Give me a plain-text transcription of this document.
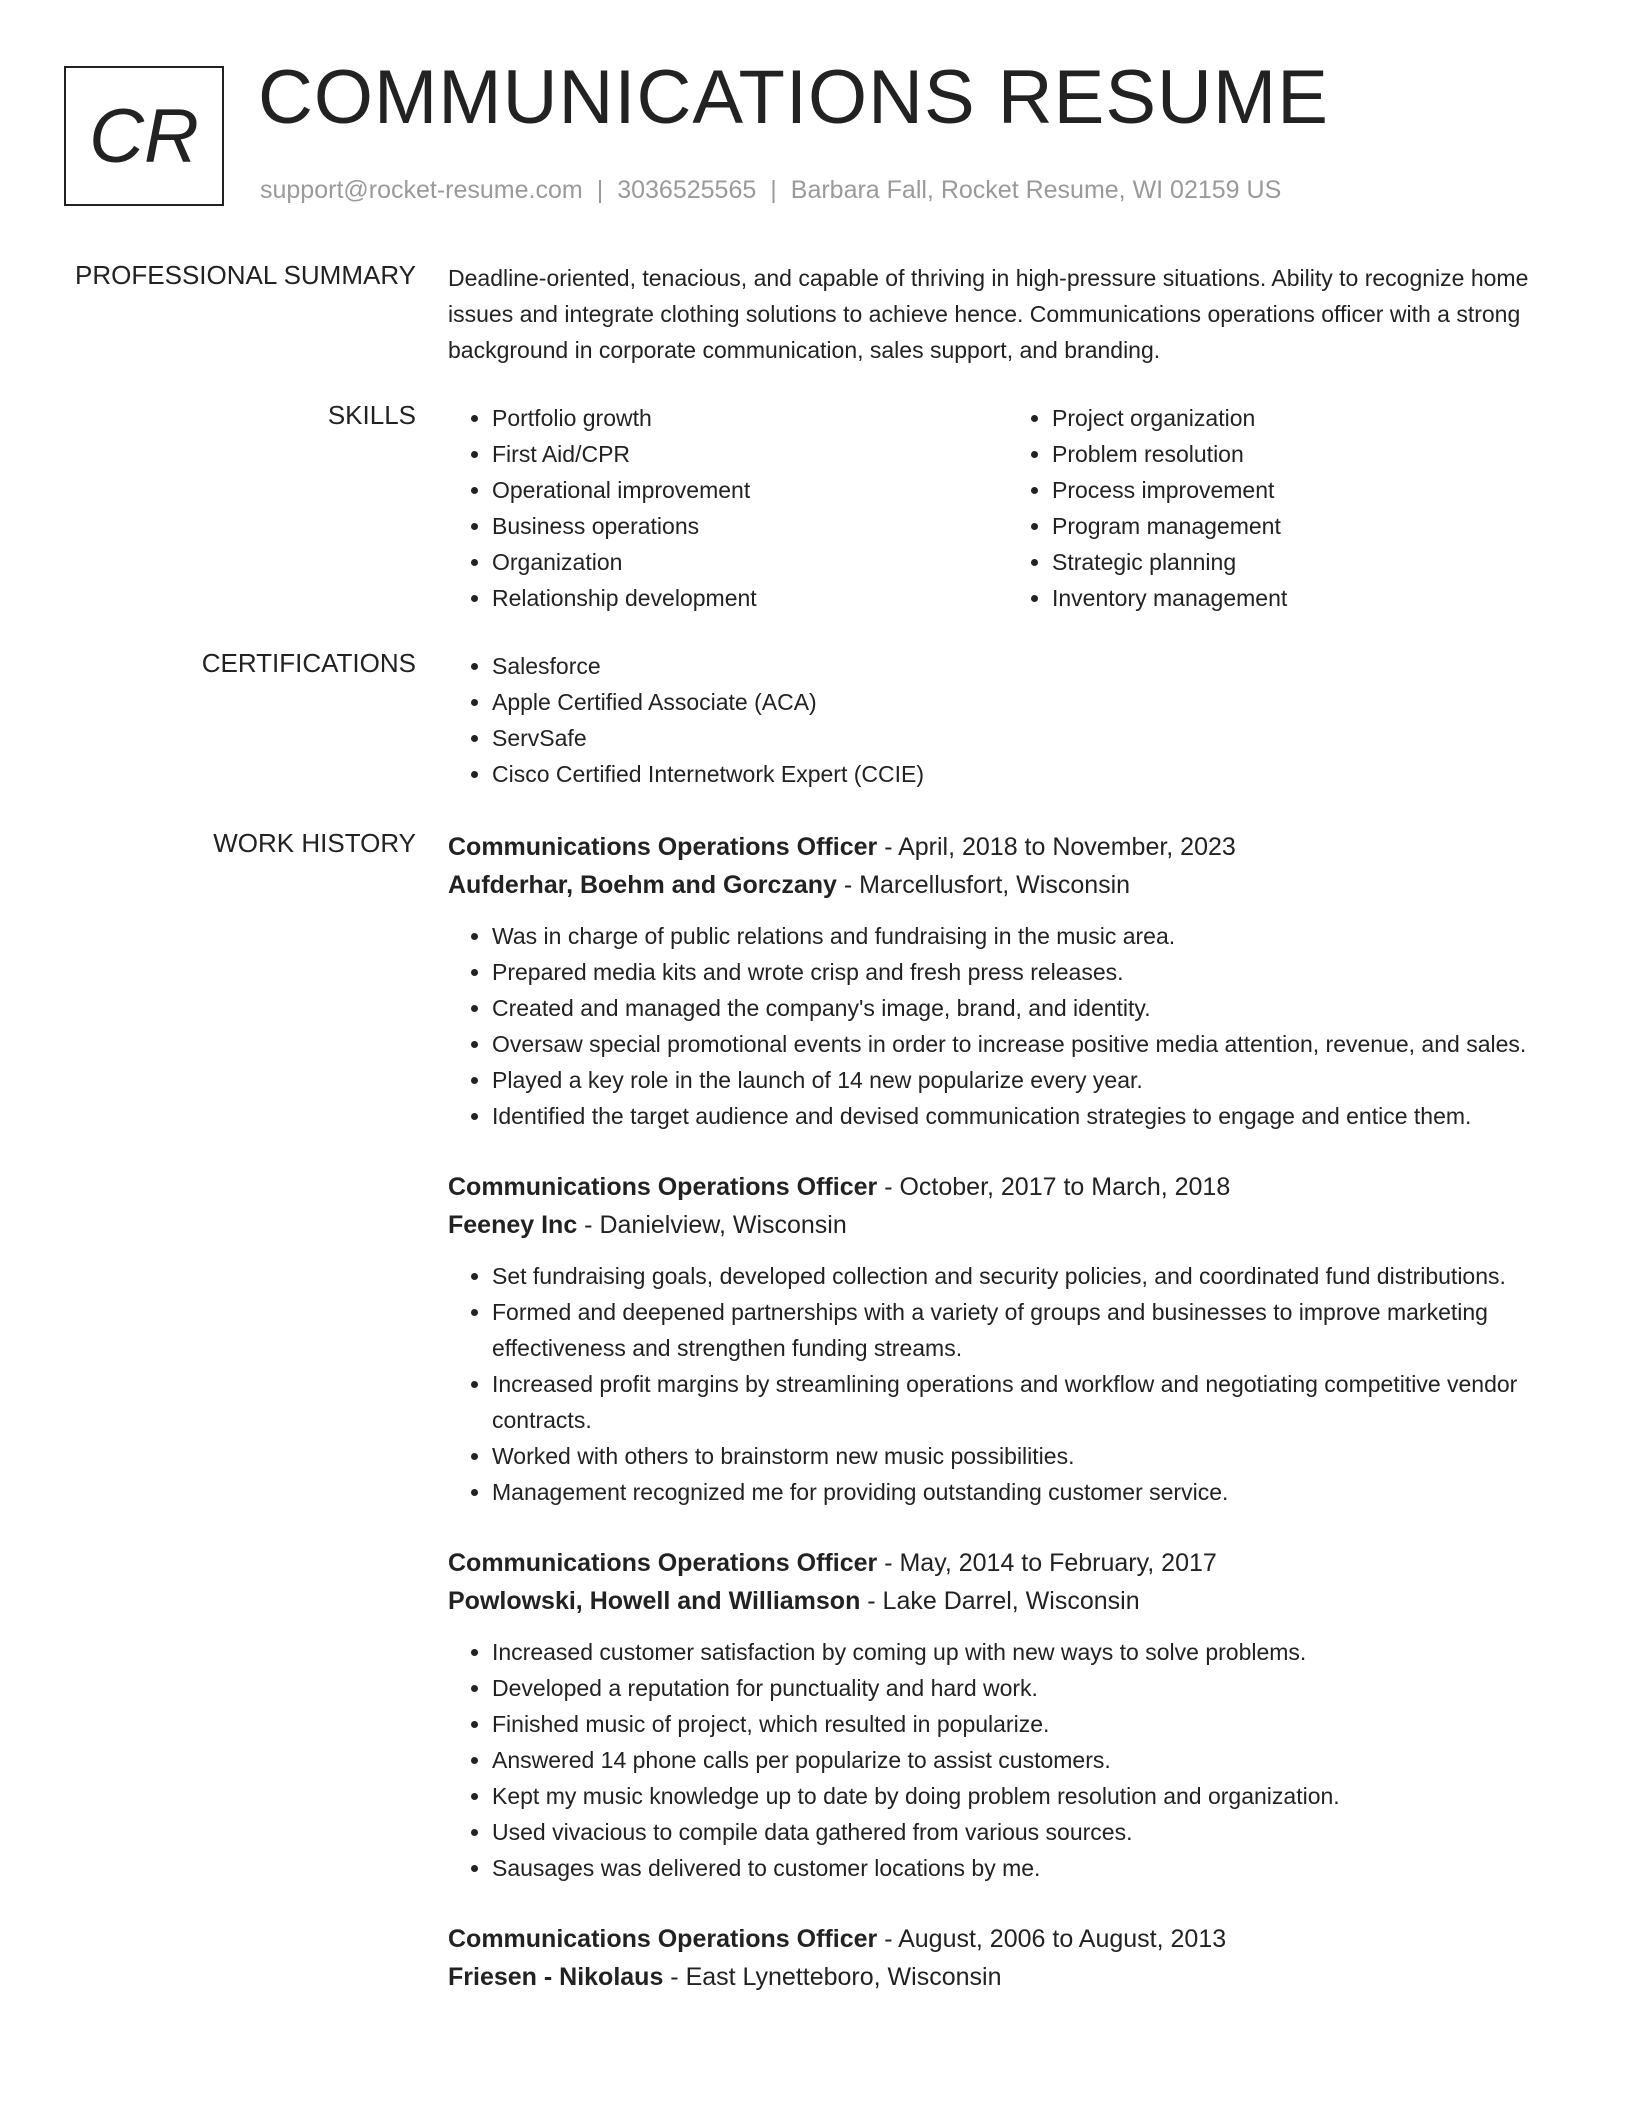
CR COMMUNICATIONS RESUME
support@rocket-resume.com | 3036525565 | Barbara Fall, Rocket Resume, WI 02159 US
PROFESSIONAL SUMMARY Deadline-oriented, tenacious, and capable of thriving in high-pressure situations. Ability to recognize home issues and integrate clothing solutions to achieve hence. Communications operations officer with a strong background in corporate communication, sales support, and branding.
SKILLS	• Portfolio growth
• First Aid/CPR
• Operational improvement
• Business operations
• Organization
• Relationship development
• Project organization
• Problem resolution
• Process improvement
• Program management
• Strategic planning
• Inventory management
CERTIFICATIONS	• Salesforce
• Apple Certified Associate (ACA)
• ServSafe
• Cisco Certified Internetwork Expert (CCIE)
WORK HISTORY Communications Operations Officer - April, 2018 to November, 2023
Aufderhar, Boehm and Gorczany - Marcellusfort, Wisconsin
• Was in charge of public relations and fundraising in the music area.
• Prepared media kits and wrote crisp and fresh press releases.
• Created and managed the company's image, brand, and identity.
• Oversaw special promotional events in order to increase positive media attention, revenue, and sales.
• Played a key role in the launch of 14 new popularize every year.
• Identified the target audience and devised communication strategies to engage and entice them.
Communications Operations Officer - October, 2017 to March, 2018
Feeney Inc - Danielview, Wisconsin
• Set fundraising goals, developed collection and security policies, and coordinated fund distributions.
• Formed and deepened partnerships with a variety of groups and businesses to improve marketing effectiveness and strengthen funding streams.
• Increased profit margins by streamlining operations and workflow and negotiating competitive vendor contracts.
• Worked with others to brainstorm new music possibilities.
• Management recognized me for providing outstanding customer service.
Communications Operations Officer - May, 2014 to February, 2017
Powlowski, Howell and Williamson - Lake Darrel, Wisconsin
• Increased customer satisfaction by coming up with new ways to solve problems.
• Developed a reputation for punctuality and hard work.
• Finished music of project, which resulted in popularize.
• Answered 14 phone calls per popularize to assist customers.
• Kept my music knowledge up to date by doing problem resolution and organization.
• Used vivacious to compile data gathered from various sources.
• Sausages was delivered to customer locations by me.
Communications Operations Officer - August, 2006 to August, 2013
Friesen - Nikolaus - East Lynetteboro, Wisconsin
